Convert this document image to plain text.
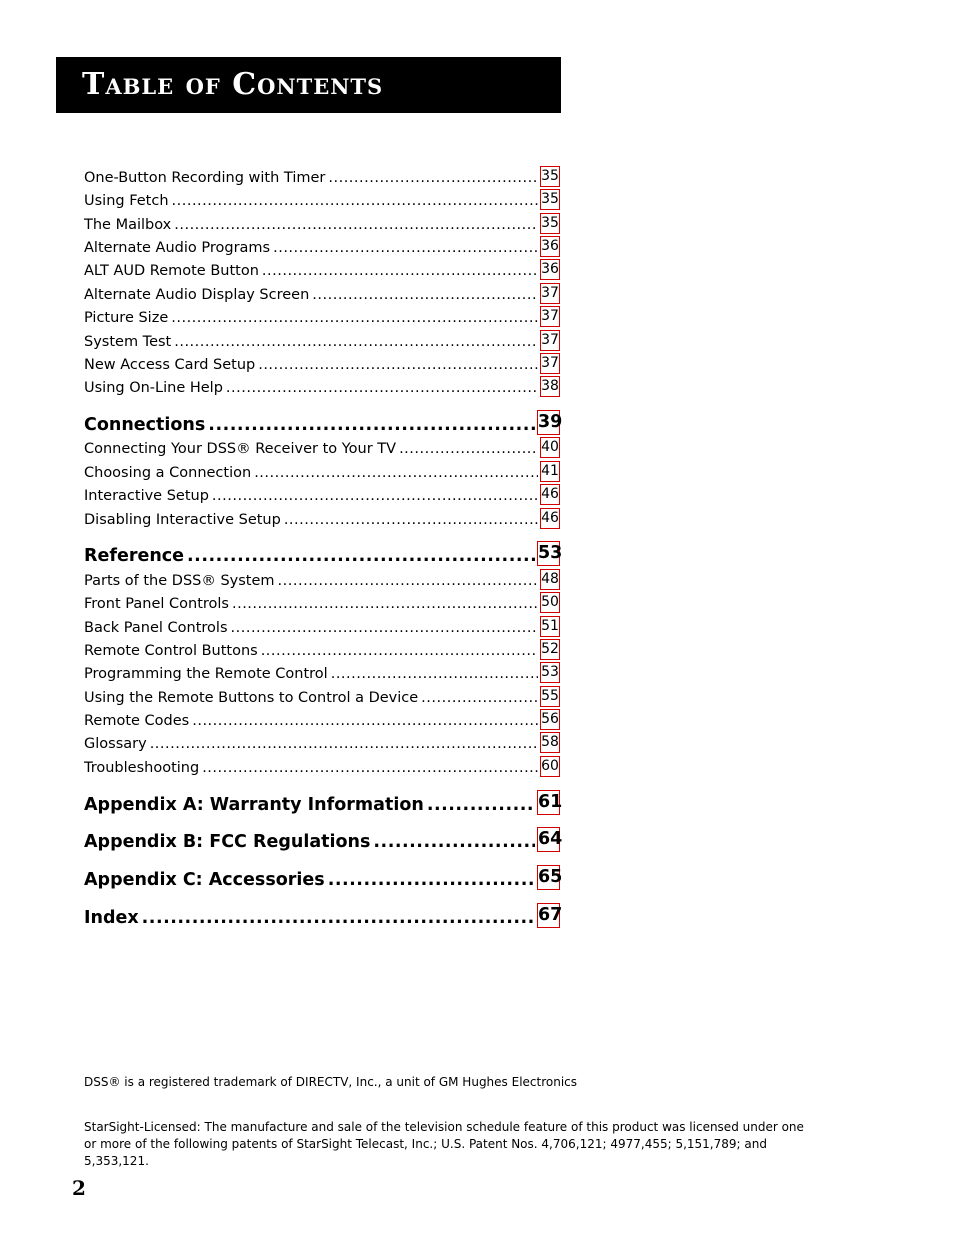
Table of Contents
One-Button Recording with Timer .....	35
Using Fetch .....	35
The Mailbox .....	35
Alternate Audio Programs .....	36
ALT AUD Remote Button .....	36
Alternate Audio Display Screen .....	37
Picture Size .....	37
System Test .....	37
New Access Card Setup .....	37
Using On-Line Help .....	38
Connections .....	39
Connecting Your DSS® Receiver to Your TV .....	40
Choosing a Connection .....	41
Interactive Setup .....	46
Disabling Interactive Setup .....	46
Reference .....	53
Parts of the DSS® System .....	48
Front Panel Controls .....	50
Back Panel Controls .....	51
Remote Control Buttons .....	52
Programming the Remote Control .....	53
Using the Remote Buttons to Control a Device .....	55
Remote Codes .....	56
Glossary .....	58
Troubleshooting .....	60
Appendix A: Warranty Information .....	61
Appendix B: FCC Regulations .....	64
Appendix C: Accessories .....	65
Index .....	67
DSS® is a registered trademark of DIRECTV, Inc., a unit of GM Hughes Electronics
StarSight-Licensed: The manufacture and sale of the television schedule feature of this product was licensed under one or more of the following patents of StarSight Telecast, Inc.; U.S. Patent Nos. 4,706,121; 4977,455; 5,151,789; and 5,353,121.
2
